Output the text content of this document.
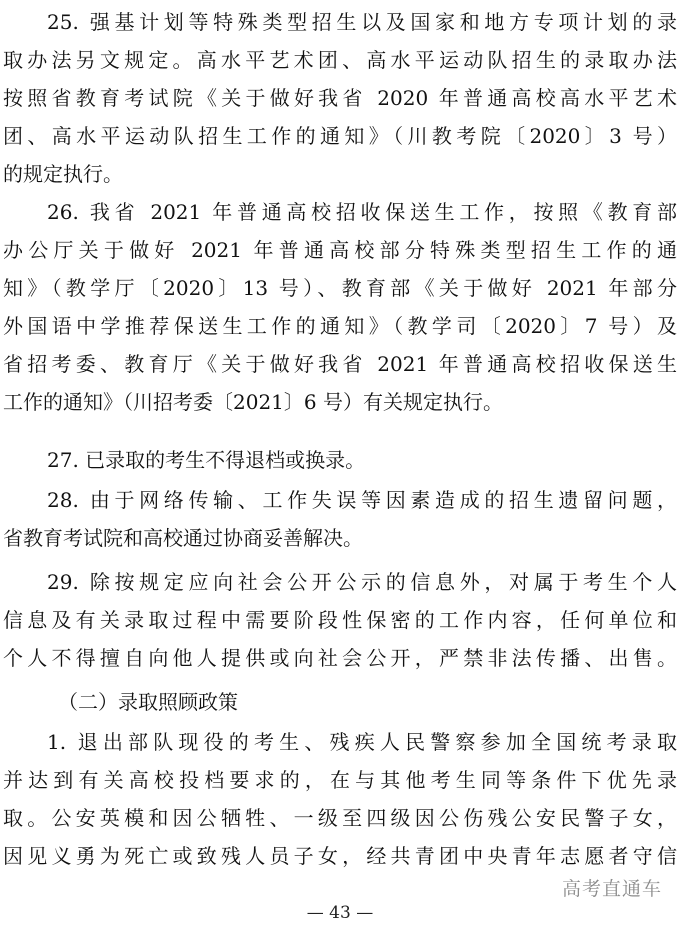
25. 强基计划等特殊类型招生以及国家和地方专项计划的录
取办法另文规定。高水平艺术团、高水平运动队招生的录取办法
按照省教育考试院《关于做好我省 2020 年普通高校高水平艺术
团、高水平运动队招生工作的通知》（川教考院〔2020〕3 号）
的规定执行。
26. 我省 2021 年普通高校招收保送生工作，按照《教育部
办公厅关于做好 2021 年普通高校部分特殊类型招生工作的通
知》（教学厅〔2020〕13 号）、教育部《关于做好 2021 年部分
外国语中学推荐保送生工作的通知》（教学司〔2020〕7 号）及
省招考委、教育厅《关于做好我省 2021 年普通高校招收保送生
工作的通知》（川招考委〔2021〕6 号）有关规定执行。
27. 已录取的考生不得退档或换录。
28. 由于网络传输、工作失误等因素造成的招生遗留问题，
省教育考试院和高校通过协商妥善解决。
29. 除按规定应向社会公开公示的信息外，对属于考生个人
信息及有关录取过程中需要阶段性保密的工作内容，任何单位和
个人不得擅自向他人提供或向社会公开，严禁非法传播、出售。
（二）录取照顾政策
1. 退出部队现役的考生、残疾人民警察参加全国统考录取
并达到有关高校投档要求的，在与其他考生同等条件下优先录
取。公安英模和因公牺牲、一级至四级因公伤残公安民警子女，
因见义勇为死亡或致残人员子女，经共青团中央青年志愿者守信
高考直通车
— 43 —
